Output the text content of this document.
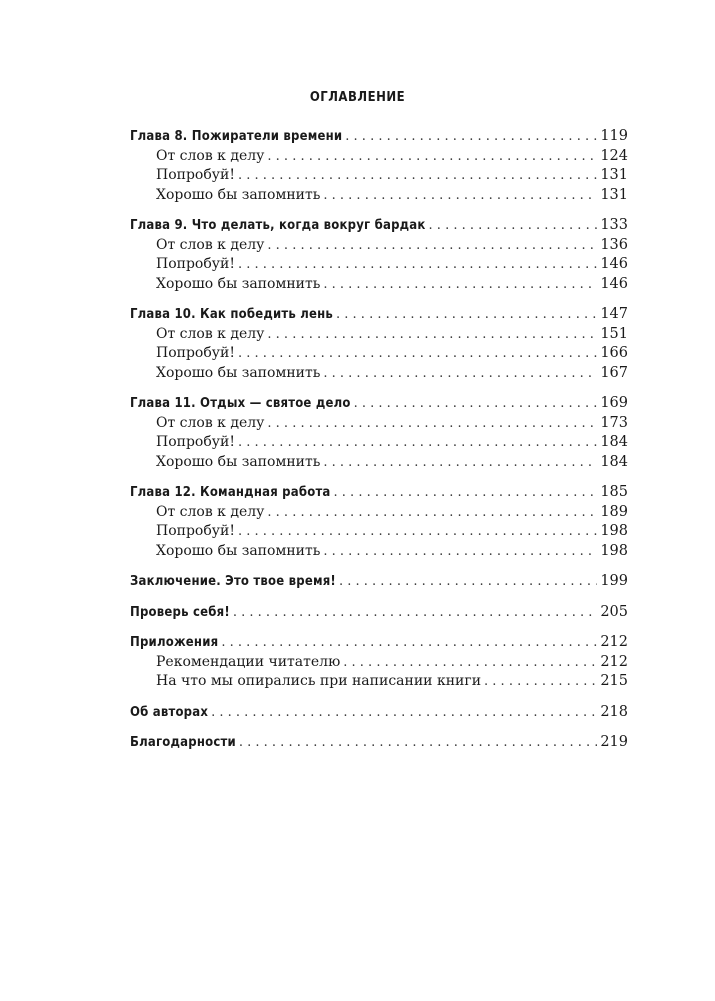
ОГЛАВЛЕНИЕ
Глава 8. Пожиратели времени . . .	119
От слов к делу . . .	124
Попробуй! . . .	131
Хорошо бы запомнить . . .	131
Глава 9. Что делать, когда вокруг бардак . . .	133
От слов к делу . . .	136
Попробуй! . . .	146
Хорошо бы запомнить . . .	146
Глава 10. Как победить лень . . .	147
От слов к делу . . .	151
Попробуй! . . .	166
Хорошо бы запомнить . . .	167
Глава 11. Отдых — святое дело . . .	169
От слов к делу . . .	173
Попробуй! . . .	184
Хорошо бы запомнить . . .	184
Глава 12. Командная работа . . .	185
От слов к делу . . .	189
Попробуй! . . .	198
Хорошо бы запомнить . . .	198
Заключение. Это твое время! . . .	199
Проверь себя! . . .	205
Приложения . . .	212
Рекомендации читателю . . .	212
На что мы опирались при написании книги . . .	215
Об авторах . . .	218
Благодарности . . .	219
